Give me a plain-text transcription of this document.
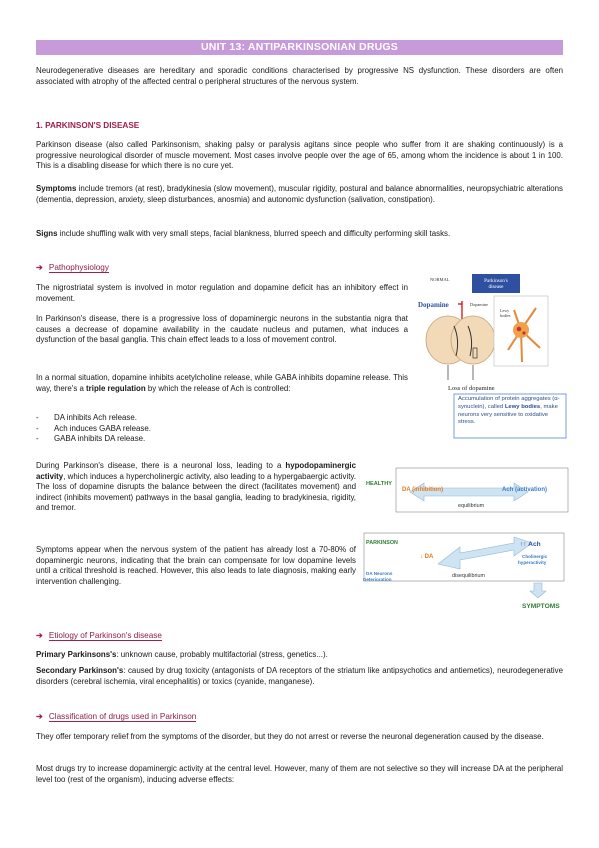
UNIT 13: ANTIPARKINSONIAN DRUGS
Neurodegenerative diseases are hereditary and sporadic conditions characterised by progressive NS dysfunction. These disorders are often associated with atrophy of the affected central o peripheral structures of the nervous system.
1. PARKINSON'S DISEASE
Parkinson disease (also called Parkinsonism, shaking palsy or paralysis agitans since people who suffer from it are shaking continuously) is a progressive neurological disorder of muscle movement. Most cases involve people over the age of 65, among whom the incidence is about 1 in 100. This is a disabling disease for which there is no cure yet.
Symptoms include tremors (at rest), bradykinesia (slow movement), muscular rigidity, postural and balance abnormalities, neuropsychiatric alterations (dementia, depression, anxiety, sleep disturbances, anosmia) and autonomic dysfunction (salivation, constipation).
Signs include shuffling walk with very small steps, facial blankness, blurred speech and difficulty performing skill tasks.
➔ Pathophysiology
The nigrostriatal system is involved in motor regulation and dopamine deficit has an inhibitory effect in movement.
In Parkinson's disease, there is a progressive loss of dopaminergic neurons in the substantia nigra that causes a decrease of dopamine availability in the caudate nucleus and putamen, what induces a dysfunction of the basal ganglia. This chain effect leads to a loss of movement control.
In a normal situation, dopamine inhibits acetylcholine release, while GABA inhibits dopamine release. This way, there's a triple regulation by which the release of Ach is controlled:
- DA inhibits Ach release.
- Ach induces GABA release.
- GABA inhibits DA release.
During Parkinson's disease, there is a neuronal loss, leading to a hypodopaminergic activity, which induces a hypercholinergic activity, also leading to a hypergabaergic activity. The loss of dopamine disrupts the balance between the direct (facilitates movement) and indirect (inhibits movement) pathways in the basal ganglia, leading to bradykinesia, rigidity, and tremor.
Symptoms appear when the nervous system of the patient has already lost a 70-80% of dopaminergic neurons, indicating that the brain can compensate for low dopamine levels until a critical threshold is reached. However, this also leads to late diagnosis, making early intervention challenging.
NORMAL	Parkinson's disease
Dopamine	Dopamine
Lewy bodies
Loss of dopamine
Accumulation of protein aggregates (α-synuclein), called Lewy bodies, make neurons very sensitive to oxidative stress.
HEALTHY
DA (inhibition)	Ach (activation)
equilibrium
PARKINSON
↓ DA
↑↑ Ach
Cholinergic hyperactivity
DA Neurons Deterioration
disequilibrium
SYMPTOMS
➔ Etiology of Parkinson's disease
Primary Parkinsons's: unknown cause, probably multifactorial (stress, genetics...).
Secondary Parkinson's: caused by drug toxicity (antagonists of DA receptors of the striatum like antipsychotics and antiemetics), neurodegenerative disorders (cerebral ischemia, viral encephalitis) or toxics (cyanide, manganese).
➔ Classification of drugs used in Parkinson
They offer temporary relief from the symptoms of the disorder, but they do not arrest or reverse the neuronal degeneration caused by the disease.
Most drugs try to increase dopaminergic activity at the central level. However, many of them are not selective so they will increase DA at the peripheral level too (rest of the organism), inducing adverse effects:
